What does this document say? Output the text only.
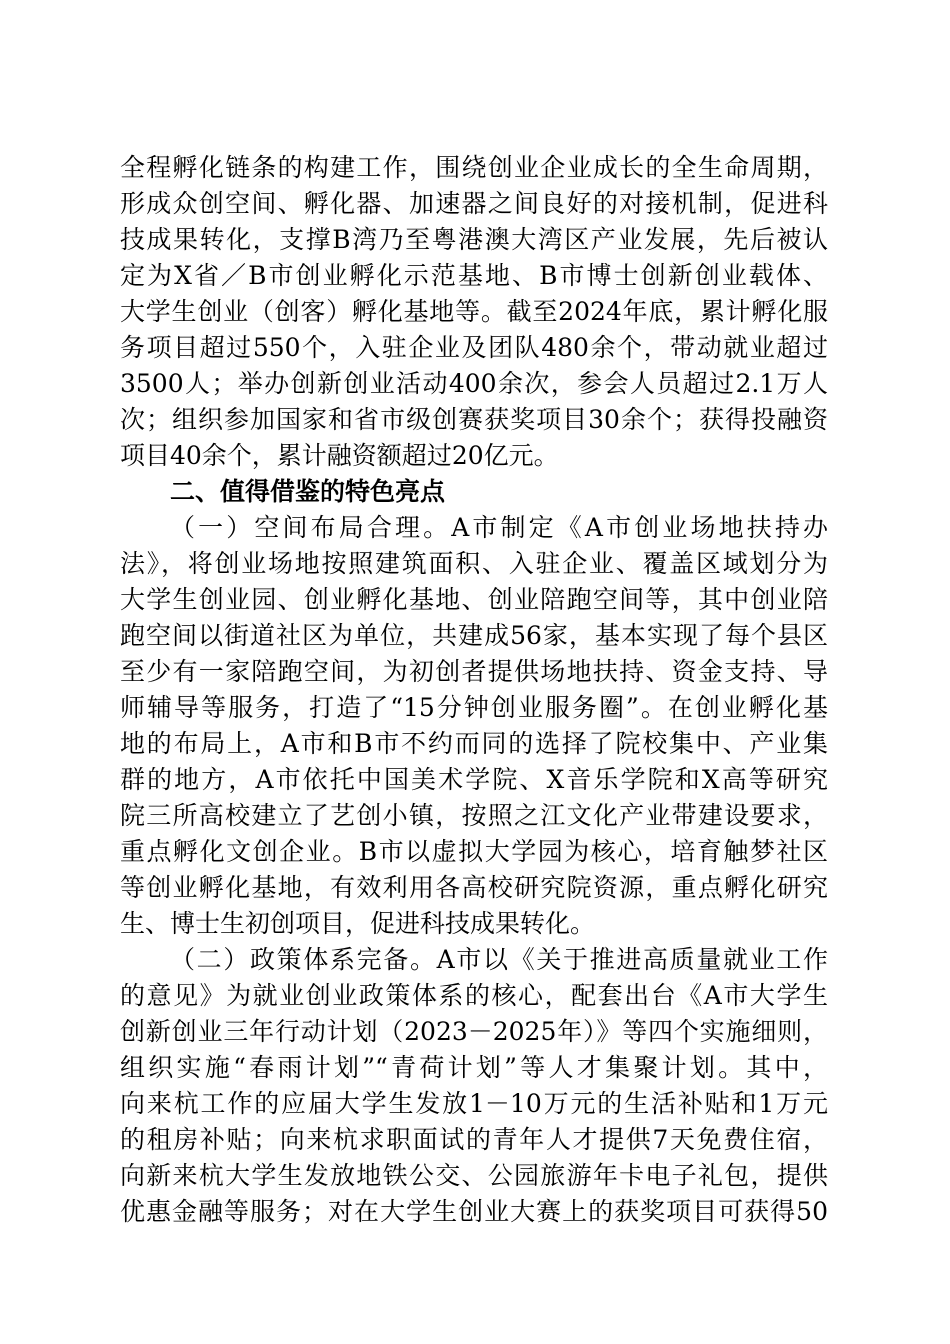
全程孵化链条的构建工作，围绕创业企业成长的全生命周期，
形成众创空间、孵化器、加速器之间良好的对接机制，促进科
技成果转化，支撑B湾乃至粤港澳大湾区产业发展，先后被认
定为X省／B市创业孵化示范基地、B市博士创新创业载体、
大学生创业（创客）孵化基地等。截至2024年底，累计孵化服
务项目超过550个，入驻企业及团队480余个，带动就业超过
3500人；举办创新创业活动400余次，参会人员超过2.1万人
次；组织参加国家和省市级创赛获奖项目30余个；获得投融资
项目40余个，累计融资额超过20亿元。
二、值得借鉴的特色亮点
（一）空间布局合理。A市制定《A市创业场地扶持办
法》，将创业场地按照建筑面积、入驻企业、覆盖区域划分为
大学生创业园、创业孵化基地、创业陪跑空间等，其中创业陪
跑空间以街道社区为单位，共建成56家，基本实现了每个县区
至少有一家陪跑空间，为初创者提供场地扶持、资金支持、导
师辅导等服务，打造了“15分钟创业服务圈”。在创业孵化基
地的布局上，A市和B市不约而同的选择了院校集中、产业集
群的地方，A市依托中国美术学院、X音乐学院和X高等研究
院三所高校建立了艺创小镇，按照之江文化产业带建设要求，
重点孵化文创企业。B市以虚拟大学园为核心，培育触梦社区
等创业孵化基地，有效利用各高校研究院资源，重点孵化研究
生、博士生初创项目，促进科技成果转化。
（二）政策体系完备。A市以《关于推进高质量就业工作
的意见》为就业创业政策体系的核心，配套出台《A市大学生
创新创业三年行动计划（2023－2025年）》等四个实施细则，
组织实施“春雨计划”“青荷计划”等人才集聚计划。其中，
向来杭工作的应届大学生发放1－10万元的生活补贴和1万元
的租房补贴；向来杭求职面试的青年人才提供7天免费住宿，
向新来杭大学生发放地铁公交、公园旅游年卡电子礼包，提供
优惠金融等服务；对在大学生创业大赛上的获奖项目可获得50
